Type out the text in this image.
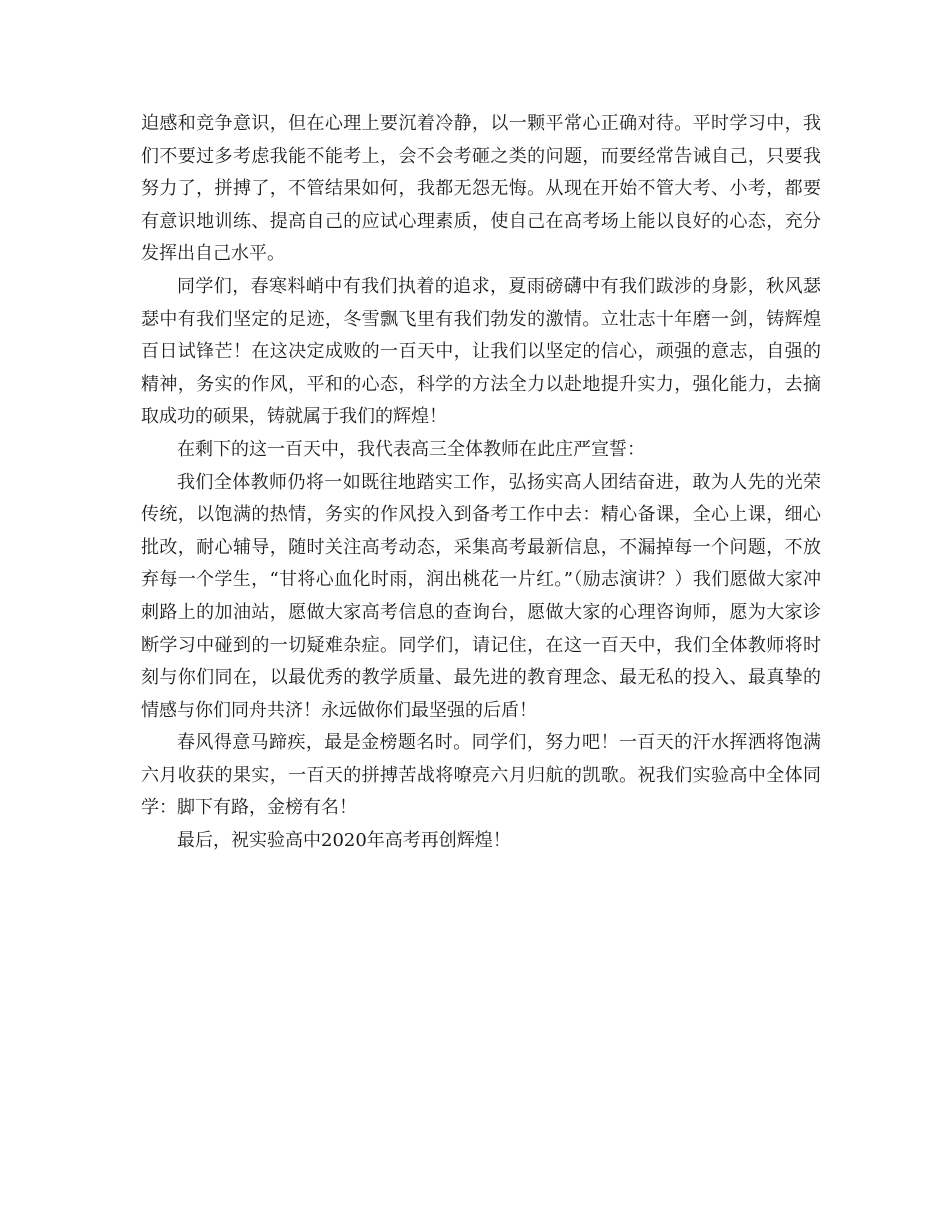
迫感和竞争意识，但在心理上要沉着冷静，以一颗平常心正确对待。平时学习中，我们不要过多考虑我能不能考上，会不会考砸之类的问题，而要经常告诫自己，只要我努力了，拼搏了，不管结果如何，我都无怨无悔。从现在开始不管大考、小考，都要有意识地训练、提高自己的应试心理素质，使自己在高考场上能以良好的心态，充分发挥出自己水平。

同学们，春寒料峭中有我们执着的追求，夏雨磅礴中有我们跋涉的身影，秋风瑟瑟中有我们坚定的足迹，冬雪飘飞里有我们勃发的激情。立壮志十年磨一剑，铸辉煌百日试锋芒！在这决定成败的一百天中，让我们以坚定的信心，顽强的意志，自强的精神，务实的作风，平和的心态，科学的方法全力以赴地提升实力，强化能力，去摘取成功的硕果，铸就属于我们的辉煌！

在剩下的这一百天中，我代表高三全体教师在此庄严宣誓：

我们全体教师仍将一如既往地踏实工作，弘扬实高人团结奋进，敢为人先的光荣传统，以饱满的热情，务实的作风投入到备考工作中去：精心备课，全心上课，细心批改，耐心辅导，随时关注高考动态，采集高考最新信息，不漏掉每一个问题，不放弃每一个学生，“甘将心血化时雨，润出桃花一片红。”（励志演讲？）我们愿做大家冲刺路上的加油站，愿做大家高考信息的查询台，愿做大家的心理咨询师，愿为大家诊断学习中碰到的一切疑难杂症。同学们，请记住，在这一百天中，我们全体教师将时刻与你们同在，以最优秀的教学质量、最先进的教育理念、最无私的投入、最真挚的情感与你们同舟共济！永远做你们最坚强的后盾！

春风得意马蹄疾，最是金榜题名时。同学们，努力吧！一百天的汗水挥洒将饱满六月收获的果实，一百天的拼搏苦战将嘹亮六月归航的凯歌。祝我们实验高中全体同学：脚下有路，金榜有名！

最后，祝实验高中2020年高考再创辉煌！
